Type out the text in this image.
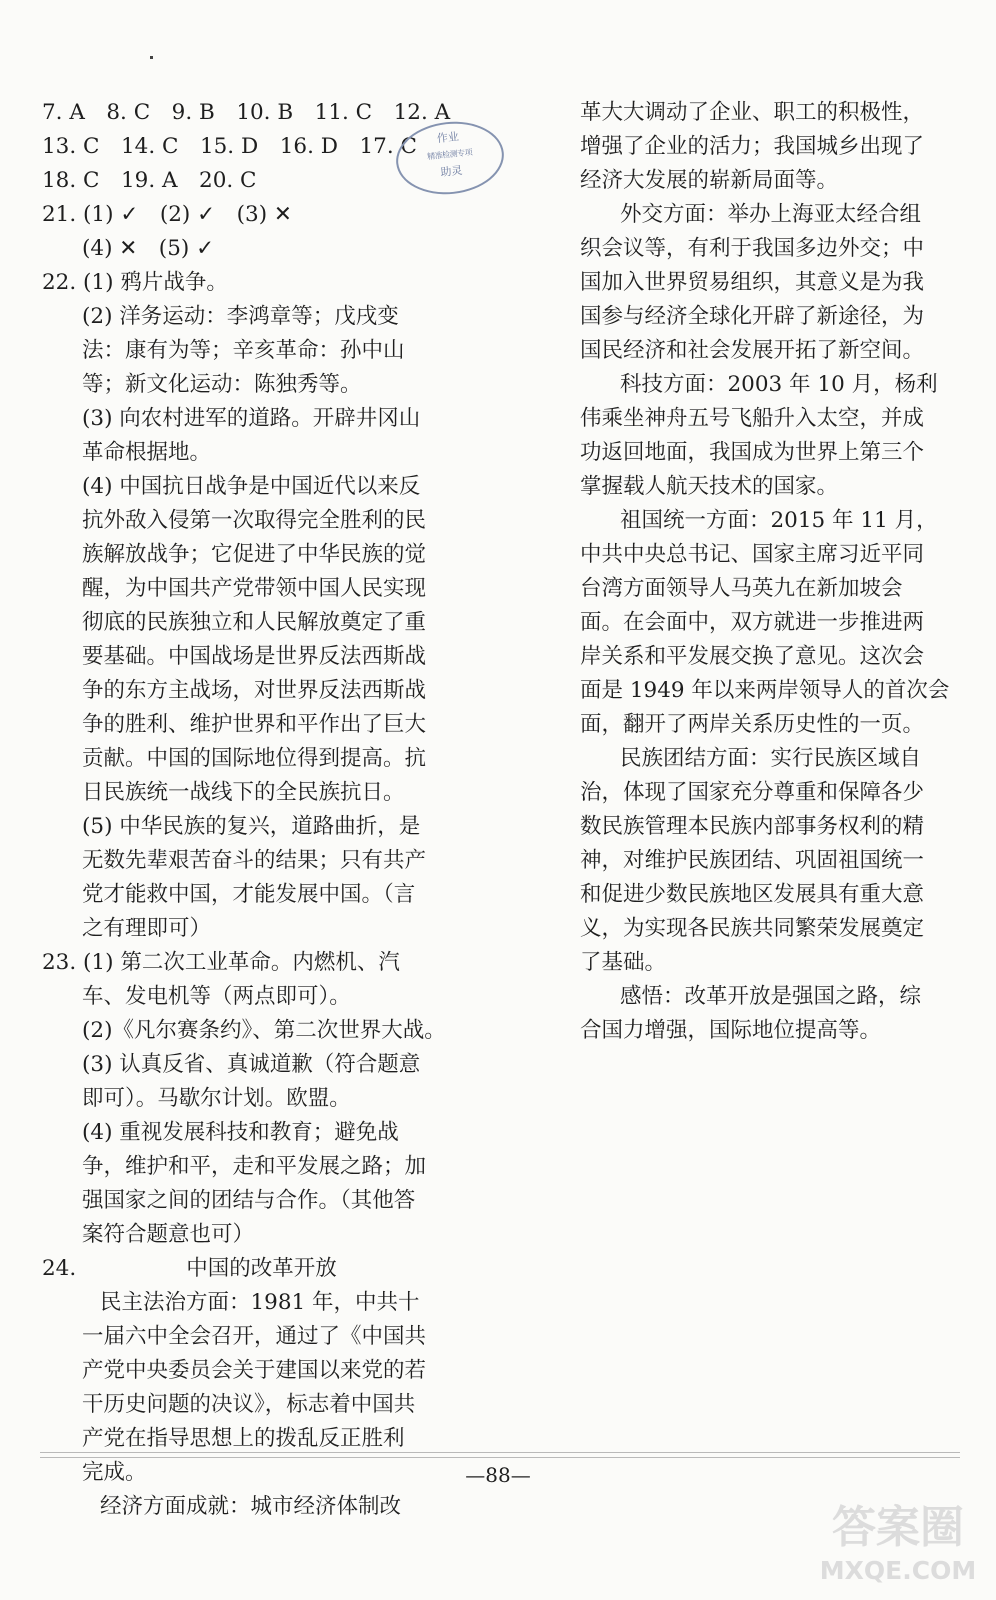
7. A　8. C　9. B　10. B　11. C　12. A
13. C　14. C　15. D　16. D　17. C
18. C　19. A　20. C
21. (1) ✓　(2) ✓　(3) ✕
(4) ✕　(5) ✓
22. (1) 鸦片战争。
(2) 洋务运动：李鸿章等；戊戌变
法：康有为等；辛亥革命：孙中山
等；新文化运动：陈独秀等。
(3) 向农村进军的道路。开辟井冈山
革命根据地。
(4) 中国抗日战争是中国近代以来反
抗外敌入侵第一次取得完全胜利的民
族解放战争；它促进了中华民族的觉
醒，为中国共产党带领中国人民实现
彻底的民族独立和人民解放奠定了重
要基础。中国战场是世界反法西斯战
争的东方主战场，对世界反法西斯战
争的胜利、维护世界和平作出了巨大
贡献。中国的国际地位得到提高。抗
日民族统一战线下的全民族抗日。
(5) 中华民族的复兴，道路曲折，是
无数先辈艰苦奋斗的结果；只有共产
党才能救中国，才能发展中国。（言
之有理即可）
23. (1) 第二次工业革命。内燃机、汽
车、发电机等（两点即可）。
(2)《凡尔赛条约》、第二次世界大战。
(3) 认真反省、真诚道歉（符合题意
即可）。马歇尔计划。欧盟。
(4) 重视发展科技和教育；避免战
争，维护和平，走和平发展之路；加
强国家之间的团结与合作。（其他答
案符合题意也可）
24.	中国的改革开放
民主法治方面：1981 年，中共十
一届六中全会召开，通过了《中国共
产党中央委员会关于建国以来党的若
干历史问题的决议》，标志着中国共
产党在指导思想上的拨乱反正胜利
完成。
经济方面成就：城市经济体制改
革大大调动了企业、职工的积极性，
增强了企业的活力；我国城乡出现了
经济大发展的崭新局面等。
外交方面：举办上海亚太经合组
织会议等，有利于我国多边外交；中
国加入世界贸易组织，其意义是为我
国参与经济全球化开辟了新途径，为
国民经济和社会发展开拓了新空间。
科技方面：2003 年 10 月，杨利
伟乘坐神舟五号飞船升入太空，并成
功返回地面，我国成为世界上第三个
掌握载人航天技术的国家。
祖国统一方面：2015 年 11 月，
中共中央总书记、国家主席习近平同
台湾方面领导人马英九在新加坡会
面。在会面中，双方就进一步推进两
岸关系和平发展交换了意见。这次会
面是 1949 年以来两岸领导人的首次会
面，翻开了两岸关系历史性的一页。
民族团结方面：实行民族区域自
治，体现了国家充分尊重和保障各少
数民族管理本民族内部事务权利的精
神，对维护民族团结、巩固祖国统一
和促进少数民族地区发展具有重大意
义，为实现各民族共同繁荣发展奠定
了基础。
感悟：改革开放是强国之路，综
合国力增强，国际地位提高等。
作业
精准检测专项
助灵
—88—
答案圈
MXQE.COM
